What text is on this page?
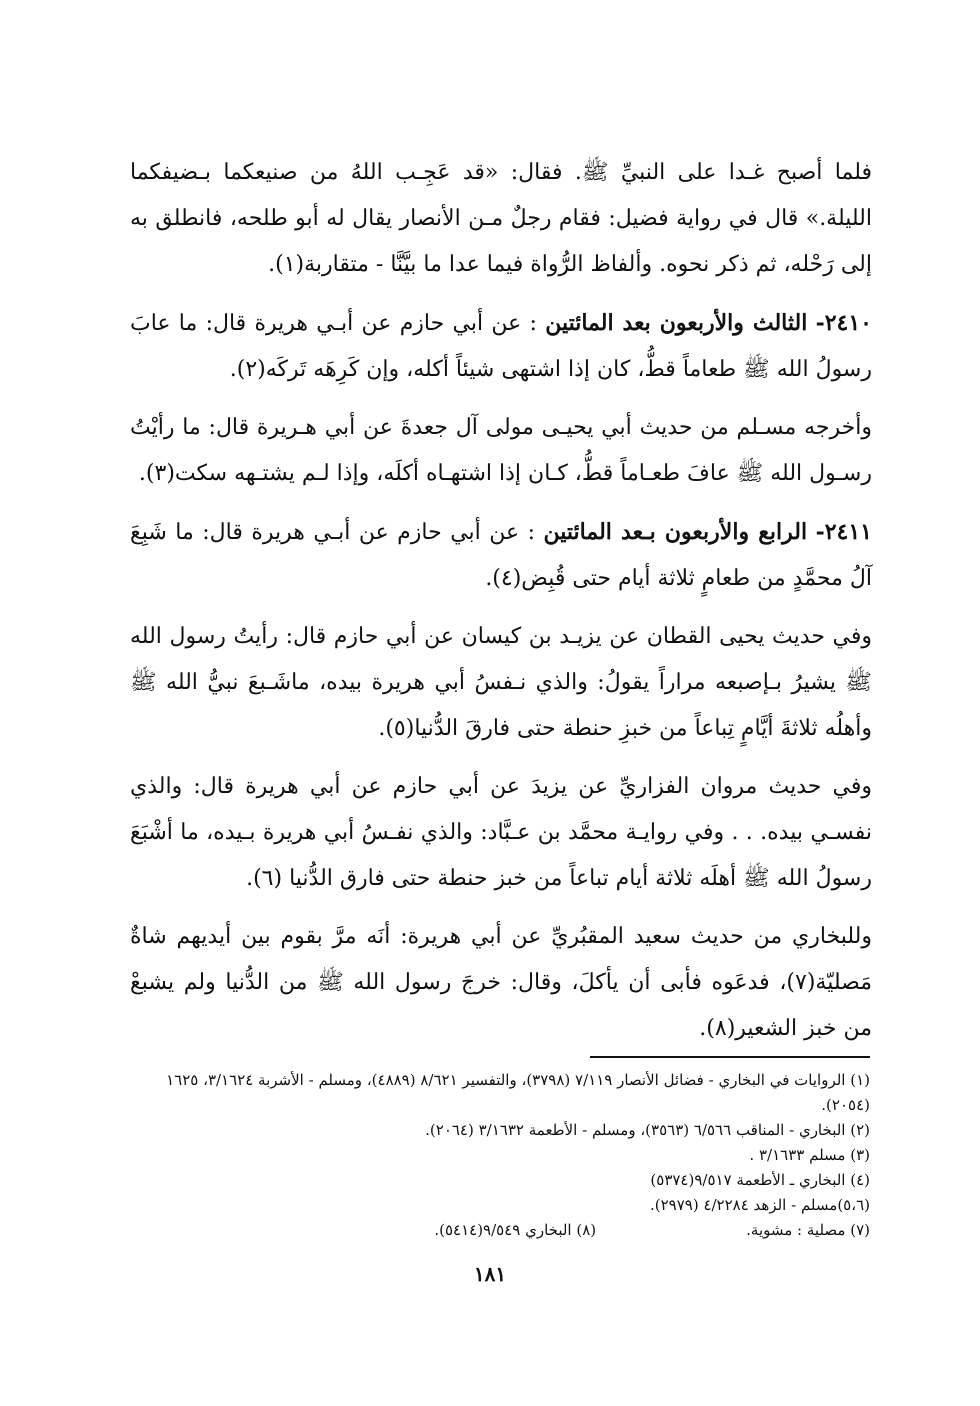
فلما أصبح غـدا على النبيِّ ﷺ. فقال: «قد عَجِـب اللهُ من صنيعكما بـضيفكما الليلة.» قال في رواية فضيل: فقام رجلٌ مـن الأنصار يقال له أبو طلحه، فانطلق به إلى رَحْله، ثم ذكر نحوه. وألفاظ الرُّواة فيما عدا ما بيَّنَّا - متقاربة(١).

٢٤١٠- الثالث والأربعون بعد المائتين : عن أبي حازم عن أبـي هريرة قال: ما عابَ رسولُ الله ﷺ طعاماً قطُّ، كان إذا اشتهى شيئاً أكله، وإن كَرِهَه تَركَه(٢).

وأخرجه مسـلم من حديث أبي يحيـى مولى آل جعدةَ عن أبي هـريرة قال: ما رأيْتُ رسـول الله ﷺ عافَ طعـاماً قطُّ، كـان إذا اشتهـاه أكلَه، وإذا لـم يشتـهه سكت(٣).

٢٤١١- الرابع والأربعون بـعد المائتين : عن أبي حازم عن أبـي هريرة قال: ما شَبِعَ آلُ محمَّدٍ من طعامٍ ثلاثة أيام حتى قُبِض(٤).

وفي حديث يحيى القطان عن يزيـد بن كيسان عن أبي حازم قال: رأيتُ رسول الله ﷺ يشيرُ بـإصبعه مراراً يقولُ: والذي نـفسُ أبي هريرة بيده، ماشَـبعَ نبيُّ الله ﷺ وأهلُه ثلاثةَ أيَّامٍ تِباعاً من خبزِ حنطة حتى فارقَ الدُّنيا(٥).

وفي حديث مروان الفزاريِّ عن يزيدَ عن أبي حازم عن أبي هريرة قال: والذي نفسـي بيده. . . وفي روايـة محمَّد بن عـبَّاد: والذي نفـسُ أبي هريرة بـيده، ما أشْبَعَ رسولُ الله ﷺ أهلَه ثلاثة أيام تباعاً من خبز حنطة حتى فارق الدُّنيا (٦).

وللبخاري من حديث سعيد المقبُريِّ عن أبي هريرة: أنَه مرَّ بقوم بين أيديهم شاةٌ مَصليّة(٧)، فدعَوه فأبى أن يأكلَ، وقال: خرجَ رسول الله ﷺ من الدُّنيا ولم يشبعْ من خبز الشعير(٨).

(١) الروايات في البخاري - فضائل الأنصار ٧/١١٩ (٣٧٩٨)، والتفسير ٨/٦٢١ (٤٨٨٩)، ومسلم - الأشربة ٣/١٦٢٤، ١٦٢٥ (٢٠٥٤).

(٢) البخاري - المناقب ٦/٥٦٦ (٣٥٦٣)، ومسلم - الأطعمة ٣/١٦٣٢ (٢٠٦٤).

(٣) مسلم ٣/١٦٣٣ .

(٤) البخاري ـ الأطعمة ٩/٥١٧(٥٣٧٤)

(٥،٦)مسلم - الزهد ٤/٢٢٨٤ (٢٩٧٩).

(٧) مصلية : مشوية.
(٨) البخاري ٩/٥٤٩(٥٤١٤).
١٨١
